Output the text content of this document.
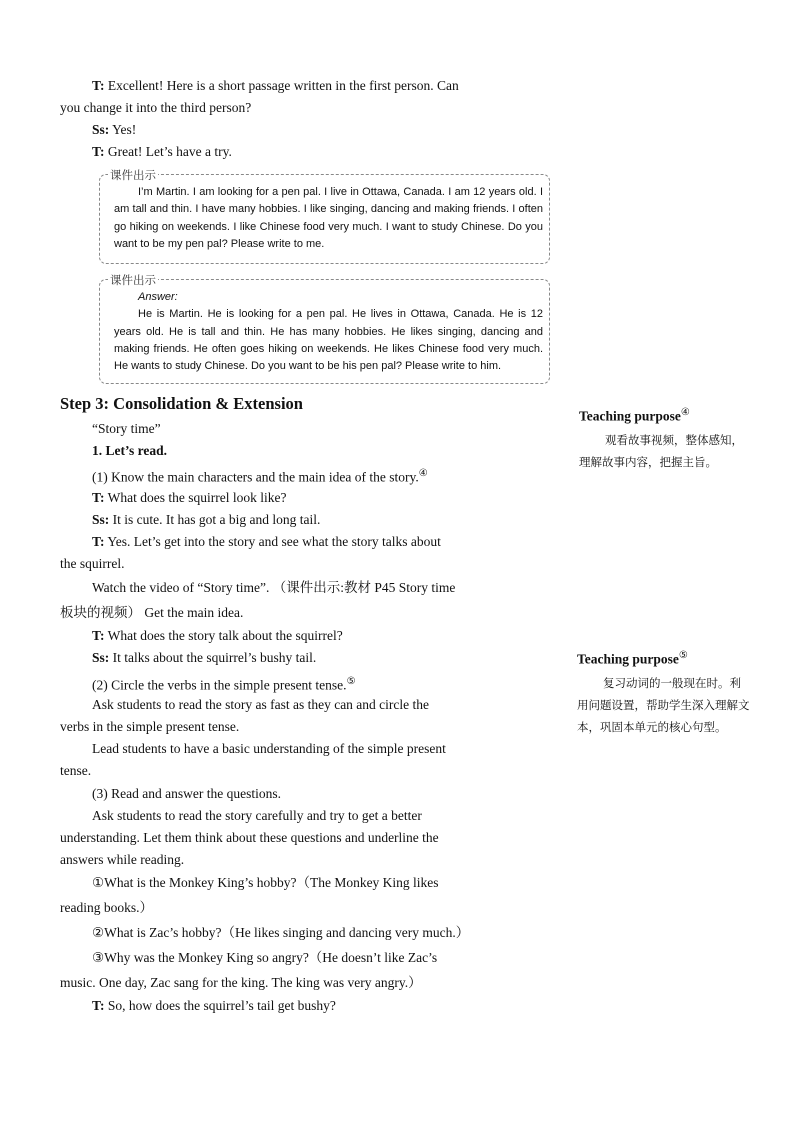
T: Excellent! Here is a short passage written in the first person. Can
you change it into the third person?
Ss: Yes!
T: Great! Let’s have a try.
课件出示

I’m Martin. I am looking for a pen pal. I live in Ottawa, Canada. I am 12 years old. I am tall and thin. I have many hobbies. I like singing, dancing and making friends. I often go hiking on weekends. I like Chinese food very much. I want to study Chinese. Do you want to be my pen pal? Please write to me.

课件出示
Answer:

He is Martin. He is looking for a pen pal. He lives in Ottawa, Canada. He is 12 years old. He is tall and thin. He has many hobbies. He likes singing, dancing and making friends. He often goes hiking on weekends. He likes Chinese food very much. He wants to study Chinese. Do you want to be his pen pal? Please write to him.

Step 3: Consolidation & Extension
“Story time”
1. Let’s read.
(1) Know the main characters and the main idea of the story.④
T: What does the squirrel look like?
Ss: It is cute. It has got a big and long tail.
T: Yes. Let’s get into the story and see what the story talks about
the squirrel.
Watch the video of “Story time”. （课件出示:教材 P45 Story time
板块的视频） Get the main idea.
T: What does the story talk about the squirrel?
Ss: It talks about the squirrel’s bushy tail.
(2) Circle the verbs in the simple present tense.⑤
Ask students to read the story as fast as they can and circle the
verbs in the simple present tense.
Lead students to have a basic understanding of the simple present
tense.
(3) Read and answer the questions.
Ask students to read the story carefully and try to get a better
understanding. Let them think about these questions and underline the
answers while reading.
①What is the Monkey King’s hobby?（The Monkey King likes
reading books.）
②What is Zac’s hobby?（He likes singing and dancing very much.）
③Why was the Monkey King so angry?（He doesn’t like Zac’s
music. One day, Zac sang for the king. The king was very angry.）
T: So, how does the squirrel’s tail get bushy?
Teaching purpose④

观看故事视频，整体感知，理解故事内容，把握主旨。

Teaching purpose⑤

复习动词的一般现在时。利用问题设置，帮助学生深入理解文本，巩固本单元的核心句型。
